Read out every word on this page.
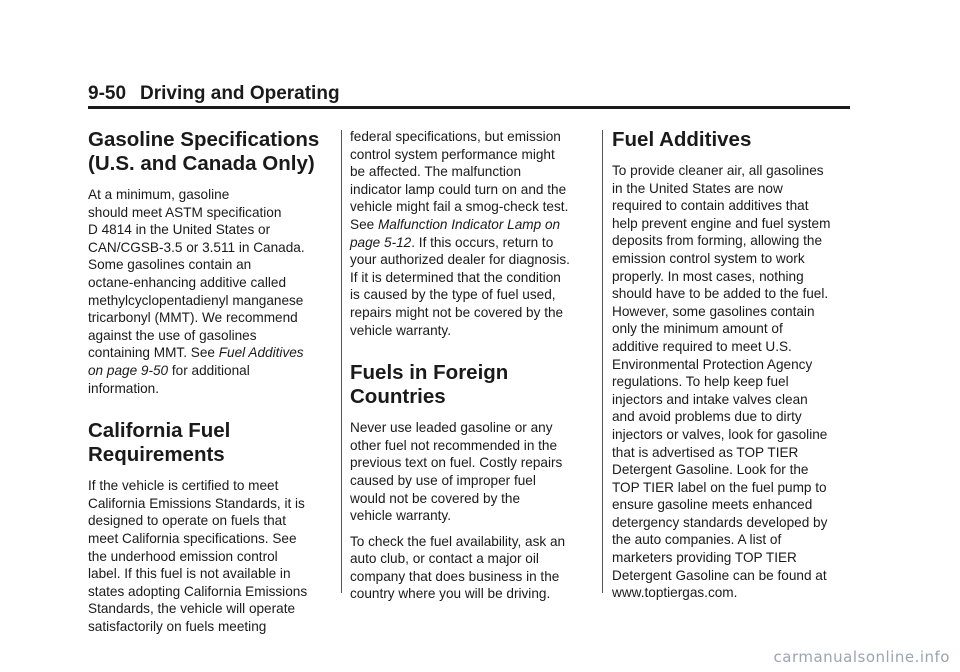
9-50 Driving and Operating
Gasoline Specifications
(U.S. and Canada Only)

At a minimum, gasoline
should meet ASTM specification
D 4814 in the United States or
CAN/CGSB-3.5 or 3.511 in Canada.
Some gasolines contain an
octane-enhancing additive called
methylcyclopentadienyl manganese
tricarbonyl (MMT). We recommend
against the use of gasolines
containing MMT. See Fuel Additives
on page 9-50 for additional
information.

California Fuel
Requirements

If the vehicle is certified to meet
California Emissions Standards, it is
designed to operate on fuels that
meet California specifications. See
the underhood emission control
label. If this fuel is not available in
states adopting California Emissions
Standards, the vehicle will operate
satisfactorily on fuels meeting

federal specifications, but emission
control system performance might
be affected. The malfunction
indicator lamp could turn on and the
vehicle might fail a smog-check test.
See Malfunction Indicator Lamp on
page 5-12. If this occurs, return to
your authorized dealer for diagnosis.
If it is determined that the condition
is caused by the type of fuel used,
repairs might not be covered by the
vehicle warranty.

Fuels in Foreign
Countries

Never use leaded gasoline or any
other fuel not recommended in the
previous text on fuel. Costly repairs
caused by use of improper fuel
would not be covered by the
vehicle warranty.

To check the fuel availability, ask an
auto club, or contact a major oil
company that does business in the
country where you will be driving.

Fuel Additives

To provide cleaner air, all gasolines
in the United States are now
required to contain additives that
help prevent engine and fuel system
deposits from forming, allowing the
emission control system to work
properly. In most cases, nothing
should have to be added to the fuel.
However, some gasolines contain
only the minimum amount of
additive required to meet U.S.
Environmental Protection Agency
regulations. To help keep fuel
injectors and intake valves clean
and avoid problems due to dirty
injectors or valves, look for gasoline
that is advertised as TOP TIER
Detergent Gasoline. Look for the
TOP TIER label on the fuel pump to
ensure gasoline meets enhanced
detergency standards developed by
the auto companies. A list of
marketers providing TOP TIER
Detergent Gasoline can be found at
www.toptiergas.com.

carmanualsonline.info
